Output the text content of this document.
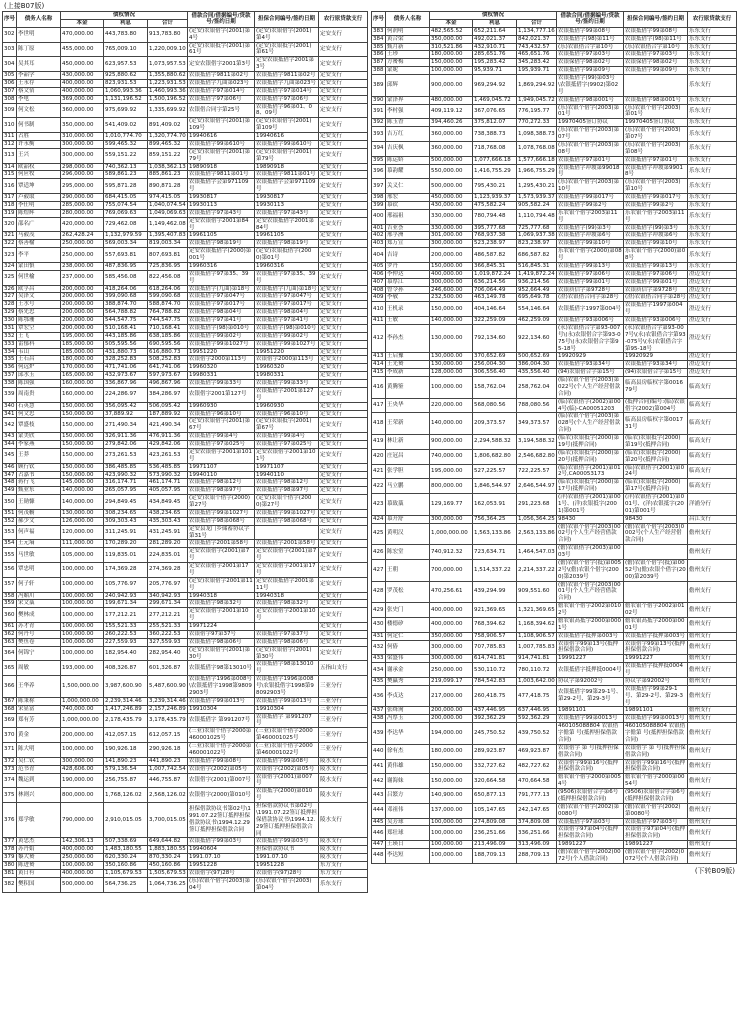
(上接B07版)
序号	债务人名称	债权情况			借款合同/借据编号/贷款号/签约日期	担保合同编号/签约日期	农行原贷款支行
		本金	利息	合计			
302	李世明	470,000.00	443,783.80	913,783.80	(定安)农银借字(2001)第4号	(定安)农银借字(2001)第4号	定安支行
303	陈丁原	455,000.00	765,009.10	1,220,009.10	(定安)农银抵字(2001)第61号	(定安)农银抵字(2001)第61号	定安支行
304	吴其耳	450,000.00	623,957.53	1,073,957.53	定安农银借字2001第3号	定安农银抵借字2001第3号	定安支行
305	李韶学	430,000.00	925,880.62	1,355,880.62	农银抵借字9811第02号	农银抵借字9811第02号	定安支行
306	王永存	400,000.00	823,931.53	1,223,931.53	农银抵借字九曲第023号	农银抵借字九曲第023号	定安支行
307	蔡文倩	400,000.00	1,060,993.36	1,460,993.36	农银抵借字97第014号	农银抵借字97第014号	定安支行
308	李电	369,000.00	1,131,196.52	1,500,196.52	农银抵借字97第06号	农银抵借字97第06号	定安支行
309	何文松	360,000.00	975,699.92	1,335,699.92	农银借合同字第25号	农银抵借字96第01、08、09号	定安支行
310	何书制	350,000.00	541,409.02	891,409.02	(定安)农银借字(2001)第109号	(定安)农银借字(2001)第109号	定安支行
311	占胜	310,000.00	1,010,774.70	1,320,774.70	19940616	19940616	定安支行
312	许永衡	300,000.00	599,465.32	899,465.32	农银抵借字99第610号	农银抵借字99第610号	定安支行
313	王兴	300,000.00	559,151.22	859,151.22	(定安)农银借字(2001)第79号	(定安)农银借字(2001)第79号	定安支行
314	欧韶权	298,000.00	740,362.13	1,038,362.13	19890918	19890918	定安支行
315	何应牧	296,000.00	589,861.23	885,861.23	农银抵借字9811第01号	农银抵借字9811第01号	定安支行
316	覃适坤	295,000.00	595,871.28	890,871.28	农银抵借字会第971109号	农银抵借字会第971109号	定安支行
317	卢毅取	290,000.00	684,415.05	974,415.05	19930817	19930817	定安支行
318	李仕明	285,000.00	755,074.54	1,040,074.54	19930113	19930113	定安支行
319	陈煌辉	280,000.00	769,069.63	1,049,069.63	农银抵借字97第43号	农银抵借字97第43号	定安支行
320	邵名广	420,000.00	729,462.08	1,149,462.08	定安农银借字2001第84号	定安农银抵借字2001第84号	定安支行
321	马毅茂	262,428.24	1,132,979.59	1,395,407.83	19961105	19961105	定安支行
322	蔡善榆	250,000.00	569,003.34	819,003.34	农银抵借字98第19号	农银抵借字98第19号	定安支行
323	李平	250,000.00	557,693.81	807,693.81	定安农银抵借字(2000)第001号	(定安)农银抵借字(2000)第01号	定安支行
324	蒙田慎	238,000.00	487,836.95	725,836.95	19960316	19960316	定安支行
325	何世榆	237,000.00	585,456.08	822,456.08	农银抵借字97第35、39号	农银抵借字97第35、39号	定安支行
326	欧孚昌	200,000.00	418,264.06	618,264.06	农银抵借字(九曲)第18号	农银抵借字(九曲)第18号	定安支行
327	吴泽文	200,000.00	399,090.68	599,090.68	农银抵借字97第047号	农银抵借字97第047号	定安支行
328	王水号	200,000.00	388,874.70	588,874.70	农银抵借字97第017号	农银抵借字97第017号	定安支行
329	蔡先忠	200,000.00	564,788.82	764,788.82	农银抵借字98第04号	农银抵借字98第04号	定安支行
330	陈鄂珊	200,000.00	544,547.75	744,547.75	农银抵借字97第41号	农银抵借字97第41号	定安支行
331	覃宏空	200,000.00	510,168.41	710,168.41	农银抵借字(98)第010号	农银抵借字(98)第010号	定安支行
332	王飞	195,000.00	443,185.86	638,185.86	农银抵借字99第02号	农银抵借字99第02号	定安支行
333	雷郁科	185,000.00	505,595.56	690,595.56	农银抵借字99第1027号	农银抵借字99第1027号	定安支行
334	韦山	185,000.00	431,880.73	616,880.73	19951220	19951220	定安支行
335	王石昌	180,000.00	328,252.83	508,252.83	农银借字2000第113号	农银借字2000第113号	定安支行
336	何远炉	170,000.00	471,741.06	641,741.06	19960320	19960320	定安支行
337	邱水玉	165,000.00	432,973.67	597,973.67	19980331	19980331	定安支行
338	陈国强	160,000.00	336,867.96	496,867.96	农银抵借字99第33号	农银抵借字99第33号	定安支行
339	周南贵	160,000.00	224,286.97	384,286.97	农银借字2001第127号	农银抵借字2001第127号	定安支行
340	石英慧	150,000.00	356,095.42	506,095.42	19960930	19960930	定安支行
341	何文忠	150,000.00	37,889.92	187,889.92	农银抵借字96第10号	农银抵借字96第10号	定安支行
342	覃盛枝	150,000.00	271,490.34	421,490.34	(定安)农银借字(2001)第67号	(定安)农银抵字(2001)第67号	定安支行
343	蒙美欣	150,000.00	326,911.36	476,911.36	农银抵借字99第4号	农银抵借字99第4号	定安支行
344	李家燕	150,000.00	279,842.06	429,842.06	农银抵借字97第025号	农银抵借字97第025号	定安支行
345	王莽	150,000.00	273,261.53	423,261.53	定安农银借字2001第101号	定安农银借字2001第101号	定安支行
346	顾行钦	150,000.00	386,485.85	536,485.85	19971107	19971107	定安支行
347	占嘉书	150,000.00	423,990.32	573,990.32	19940110	19940110	定安支行
348	蒋行飞	145,000.00	316,174.71	461,174.71	农银抵借字98第12号	农银抵借字98第12号	定安支行
349	甄业东	140,000.00	265,057.95	405,057.95	农银抵借字98第97号	农银抵借字98第97号	定安支行
350	王勋慷	140,000.00	294,849.45	434,849.45	(定安)农银个借字(2000)第27号	(定安)农银个借字(2000)第27号	定安支行
351	何茂橱	130,000.00	308,234.65	438,234.65	农银抵借字99第1027号	农银抵借字99第1027号	定安支行
352	郝少文	126,000.00	309,303.43	435,303.43	农银抵借字98第068号	农银抵借字98第068号	定安支行
353	何声福	120,000.00	311,245.91	431,245.91	定安县龙门乡储蓄协议字第31号		定安支行
354	王元墒	111,000.00	170,289.20	281,289.20	农银抵借字2001第58号	农银抵借字2001第58号	定安支行
355	马世敏	105,000.00	119,835.01	224,835.01	定安农银借字(2001)第7号	定安农银借字(2001)第7号	定安支行
356	覃忠明	100,000.00	174,369.28	274,369.28	定安农银借字2001第17号	定安农银借字2001第17号	定安支行
357	何子轩	100,000.00	105,776.97	205,776.97	(定安)农银借字2001第11号	定安农银抵借字2001第11号	定安支行
358	冯媚川	100,000.00	240,942.93	340,942.93	19940318	19940318	定安支行
359	宋文藁	100,000.00	199,671.34	299,671.34	农银抵借字98第32号	农银抵借字98第32号	定安支行
360	樊林成	100,000.00	177,212.21	277,212.21	定安农银借字2001第10号	定安农银借字2001第10号	定安支行
361	苏才青	100,000.00	155,521.33	255,521.33	19971224		定安支行
362	何丹号	100,000.00	260,222.53	360,222.53	农银借字97第37号	农银抵借字97第37号	定安支行
363	樊鱼卷	100,000.00	227,559.93	327,559.93	农银抵借字98第06号	农银抵借字98第06号	定安支行
364	何锦宁	100,000.00	182,954.40	282,954.40	(定安)农银借字(2001)第30号	(定安)农银借字(2001)第30号	定安支行
365	周敏	193,000.00	408,326.87	601,326.87	农银抵借字98第13010号	农银抵借字98第13010号	五指山支行
366	王华养	1,500,000.00	3,987,600.90	5,487,600.90	农银抵借字1996第008号\农银抵借字1998第98092903号	农银抵借字1996第008号\农银抵借字1998第98092903号	三亚分行
367	陈秉称	1,000,000.00	2,239,314.46	3,239,314.46	农银抵借字99第013号	农银抵借字99第013号	三亚分行
368	宋显富	740,000.00	1,417,246.89	2,157,246.89	19910304	19910304	三亚分行
369	郑有芳	1,000,000.00	2,178,435.79	3,178,435.79	农银抵借字 第991207号	农银抵借字 第991207号	三亚分行
370	黄金	200,000.00	412,057.15	612,057.15	(三亚)农银个借字2000第460001025号	(三亚)农银个借字2000第460001025号	三亚分行
371	陈大明	100,000.00	190,926.18	290,926.18	(三亚)农银个借字2000第460001022号	(三亚)农银个借字2000第460001022号	三亚分行
372	吴仁钦	300,000.00	141,890.23	441,890.23	农银抵借字99第08号	农银抵借字99第08号	陵水支行
373	范书青	428,606.00	579,136.54	1,007,742.54	农银借字(2002)第05号	农银借字(2002)第05号	陵水支行
374	魏运到	190,000.00	256,755.87	446,755.87	农银借字(2001)第007号	农银借字(2001)第007号	陵水支行
375	林则兴	800,000.00	1,768,126.02	2,568,126.02	农银借字(2000)第010号	农银抵字(2000)第010号	陵水支行
376	郑学敏	790,000.00	2,910,015.05	3,700,015.05	担保借款协议书第02号\1991.07.22签订抵押担保借款协议书\1994.12.29签订抵押担保借款合同	担保借款协议书第02号\1991.07.22签订抵押担保借款协议书\1994.12.29签订抵押担保借款合同	陵水支行
377	黄忠杰	142,306.13	507,338.69	649,644.82	农银抵借字99第03号	农银抵借字99第03号	陵水支行
378	苏丹娟	400,000.00	1,483,180.55	1,883,180.55	19940604	担保借款协议书	陵水支行
379	黎大赟	250,000.00	620,330.24	870,330.24	1991.07.10	1991.07.10	陵水支行
380	陈进赟	100,000.00	350,160.86	450,160.86	19951228	19951228	东方支行
381	黄日有	400,000.00	1,105,679.53	1,505,679.53	农银借字(97)28号	农银借字(97)28号	东方支行
382	樊积国	500,000.00	564,736.25	1,064,736.25	(乐)农银个借字(2003)第04号	(乐)农银个借字(2003)第04号	乐东支行
序号	债务人名称	债权情况			借款合同/借据编号/贷款号/签约日期	担保合同编号/签约日期	农行原贷款支行
		本金	利息	合计			
383	何润明	482,565.52	652,211.64	1,134,777.16	农银抵借字99第08号	农银抵借字99第08号	乐东支行
384	黄合梁	350,000.00	492,021.37	842,021.37	农银抵借字(98)第11号	农银抵借字(98)第11号	乐东支行
385	甄月新	310,521.86	432,910.71	743,432.57	(乐)农银借合字第10号	(乐)农银借合字第10号	乐东支行
386	王珍	180,000.00	285,651.76	465,651.76	农银抵借字97第03号	农银抵借字97第03号	乐东支行
387	方赟梅	150,000.00	195,283.42	345,283.42	农银保借字98第02号	农银保借字98第02号	乐东支行
388	蒙妮	100,000.00	95,939.71	195,939.71	农银抵借字99第09号	农银抵借字99第09号	乐东支行
389	邱辉	900,000.00	969,294.92	1,869,294.92	农银抵借字(99)第03号\农银抵借字(9902)第02号		乐东支行
390	蒙泽界	480,000.00	1,469,045.72	1,949,045.72	农银抵借字98第001号	农银抵借字98第001号	乐东支行
391	李村强	409,119.12	367,076.65	776,195.77	(乐)农银个借字(2003)第01号	(乐)农银个借字(2003)第01号	乐东支行
392	陈玉香	394,460.26	375,812.07	770,272.33	19970405签订协议	19970405签订协议	乐东支行
393	吉万红	360,000.00	738,388.73	1,098,388.73	(乐)农银个借字(2003)第07号	(乐)农银个借字(2003)第07号	乐东支行
394	吉庆枫	360,000.00	718,768.08	1,078,768.08	(乐)农银个借字(2003)第08号	(乐)农银个借字(2003)第08号	乐东支行
395	陈运娇	500,000.00	1,077,666.18	1,577,666.18	农银抵借字97第01号	农银抵借字97第01号	乐东支行
396	慕韵耀	550,000.00	1,416,755.29	1,966,755.29	农银抵借字冲坡第99018号	农银抵借字冲坡第99018号	乐东支行
397	关义仁	500,000.00	795,430.21	1,295,430.21	(乐)农银个借字(2003)第10号	(乐)农银个借字(2003)第10号	乐东支行
398	邢宏	450,000.00	1,123,939.37	1,573,939.37	农银抵借字99第017号	农银抵借字99第017号	乐东支行
399	慕钦	430,000.00	475,582.24	905,582.24	农银抵借字99第2号	农银抵借字99第2号	乐东支行
400	邢福祖	330,000.00	780,794.48	1,110,794.48	乐农银个借字2003第11号	乐农银个借字2003第11号	乐东支行
401	吉亚荟	330,000.00	395,777.68	725,777.68	农银抵借字(99)第3号	农银抵借字(99)第3号	乐东支行
402	邢孚洲	301,000.00	768,937.38	1,069,937.38	农银抵借字冲坡第6号	农银抵借字冲坡第6号	乐东支行
403	郑万宣	300,000.00	523,238.97	823,238.97	农银抵借字99第10号	农银抵借字99第10号	乐东支行
404	吉诗	200,000.00	486,587.82	686,587.82	乐农银个借字(2000)第08号	乐农银个借字(2000)第08号	乐东支行
405	罗丹	150,000.00	366,845.31	516,845.31	农银抵借字99第13号	农银抵借字99第13号	乐东支行
406	李仲达	400,000.00	1,019,872.24	1,419,872.24	农银抵借字97第06号	农银抵借字97第06号	澄迈支行
407	慕厚江	300,000.00	636,214.56	936,214.56	农银抵借字99第01号	农银抵借字99第01号	澄迈支行
408	曾令孙	246,600.00	706,064.49	952,664.49	农银质信字第9728号	农银质信字第9728号	澄迈支行
409	李敬	232,500.00	463,149.78	695,649.78	(澄)农银借合同字第28号	(澄)农银借合同字第28号	澄迈支行
410	王机录	150,000.00	404,146.64	554,146.64	农银抵借字1997第004号	农银抵借字1997第004号	澄迈支行
411	王敏	140,000.00	322,259.09	462,259.09	农银抵借字93第006号	农银抵借字93第006号	澄迈支行
412	李孙杰	130,000.00	792,134.60	922,134.60	(永)农银借合字第93-007号\(永)农银借合字第93-075号\(永)农银借合字第95-18号	(永)农银借合字第93-007号\(永)农银借合字第93-075号\(永)农银借合字第95-18号	澄迈支行
413	王启豫	130,000.00	370,652.69	500,652.69	19920929	19920929	澄迈支行
414	王光赟	130,000.00	256,004.30	386,004.30	农银抵借字93第34号	农银抵借字93第34号	澄迈支行
415	李成新	128,000.00	306,556.40	435,556.40	(94)农银借合字第15号	(94)农银借合字第15号	澄迈支行
416	黄腾鉴	100,000.00	158,762.04	258,762.04	(临)农银个借字(2003)第022号(个人生产经营借款合同)	临高县房临权字第001679号	临高支行
417	王央华	220,000.00	568,080.56	788,080.56	(临)农银借字(2002)第004号(临)-CA00051203	(抵押合同)编号:(临)农银借字(2002)第004号	临高支行
418	王荣新	140,000.00	209,373.57	349,373.57	(临)农银个借字(2003)第028号(个人生产经营借款合同)	临高县房临权字第001731号	临高支行
419	林让新	900,000.00	2,294,588.32	3,194,588.32	(临农)农银抵字(2000)第19号(抵押合同)	(临农)农银抵字(2000)第19号(抵押合同)	临高支行
420	庄冠昌	740,000.00	1,806,682.80	2,546,682.80	(临农)农银抵字(2000)第20号(抵押合同)	(临农)农银抵字(2000)第20号(抵押合同)	临高支行
421	张学胆	195,000.00	527,225.57	722,225.57	(临)农银借字(2001)第012号,CA00053173	(临)农银借字(2001)第024号	临高支行
422	马立鹏	800,000.00	1,846,544.97	2,646,544.97	(临农)农银抵字(2000)第17号(抵押合同)	(临农)农银抵字(2000)第17号(抵押合同)	临高支行
423	慕致藁	129,169.77	162,053.91	291,223.68	(洋)农银借字(2001)第001号、(洋)农银抵字(2001)第001号	(洋)农银借字(2001)第001号、(洋)农银抵字(2001)第001号	洋浦分行
424	慕开舒	300,000.00	756,364.25	1,056,364.25	98430	98430	昌江支行
425	黄明汉	1,000,000.00	1,563,133.86	2,563,133.86	(儋)农银个借字(2003)0002号(个人生产经营借款合同)	(儋)农银个借字(2003)0002号(个人生产经营借款合同)	儋州支行
426	陈宏堂	740,912.32	723,634.71	1,464,547.03	(儋)农银借字(2003)第0003号		儋州支行
427	王朝	700,000.00	1,514,337.22	2,214,337.22	(儋)农银个借字(抵)第0052号\(儋)农银个借字(2000)第2039号	(儋)农银个借字(抵)第0052号\(儋)农银个借字(2000)第2039号	儋州支行
428	罗茂松	470,256.61	439,294.99	909,551.60	(儋)农银个借字(2003)0001号(个人生产经营借款合同)		儋州支行
429	张史门	400,000.00	921,369.65	1,321,369.65	儋农银个借字2002第0102号	儋农银个借字2002第0102号	儋州支行
430	楼德矽	400,000.00	768,394.62	1,168,394.62	儋农银高抵字2000第0001号	儋农银高抵字2000第0001号	儋州支行
431	何定仁	350,000.00	758,906.57	1,108,906.57	农银抵借字抵押第003号	农银抵借字抵押第003号	儋州支行
432	何偆	300,000.00	707,785.83	1,007,785.83	农银借字99第13号(抵押担保借款合同)	农银借字99第13号(抵押担保借款合同)	儋州支行
433	梁盛伟	300,000.00	614,741.81	914,741.81	19991227	19991227	儋州支行
434	谢承金	250,000.00	530,110.72	780,110.72	农银抵借字抵押抵0004号	农银抵借字抵押抵0004号	儋州支行
435	樊赢秀	219,099.17	784,542.83	1,003,642.00	协议字第92002号	协议字第92002号	儋州支行
436	李贞达	217,000.00	260,418.75	477,418.75	农银抵借字99第29-1号、第29-2号、第29-3号	农银抵借字99第29-1号、第29-2号、第29-3号	儋州支行
437	张绛洵	200,000.00	437,446.95	637,446.95	19891101	19891101	儋州支行
438	冯厚玉	200,000.00	392,362.29	592,362.29	农银抵借字99第0013号	农银抵借字99第0013号	儋州支行
439	李达华	194,000.00	245,750.52	439,750.52	460105088804 农银借字儋第 号(抵押担保借款合同)	460105088804 农银借字儋第 号(抵押担保借款合同)	儋州支行
440	徐有杰	180,000.00	289,923.87	469,923.87	农银借字 第 号(抵押担保借款合同)	农银借字 第 号(抵押担保借款合同)	儋州支行
441	黄伟雄	150,000.00	332,727.62	482,727.62	农银借字99第16号(抵押担保借款合同)	农银借字99第16号(抵押担保借款合同)	儋州支行
442	谢海妹	150,000.00	320,664.58	470,664.58	儋农银个借字2000第0054号	儋农银个借字2000第0054号	儋州支行
443	吕繁方	140,900.00	650,877.13	791,777.13	(9506)农银借合字第6号(抵押担保借款合同)	(9506)农银借合字第6号(抵押担保借款合同)	儋州支行
444	邓祖伟	137,000.00	105,147.65	242,147.65	(儋)农银个借字(2002)第0080号	(儋)农银个借字(2002)第0080号	儋州支行
445	吴芳球	100,000.00	274,809.08	374,809.08	农银抵借字97第03号	农银抵借字97第03号	儋州支行
446	郑壮球	100,000.00	236,251.66	336,251.66	农银借字97第04号(抵押担保借款合同)	农银借字97第04号(抵押担保借款合同)	儋州支行
447	王瑛日	100,000.00	213,496.09	313,496.09	19891227	19891227	儋州支行
448	李达短	100,000.00	188,709.13	288,709.13	(儋)农银个借字(2002)0072号(个人借款合同)	(儋)农银个借字(2002)0072号(个人借款合同)	儋州支行
(下转B09版)
